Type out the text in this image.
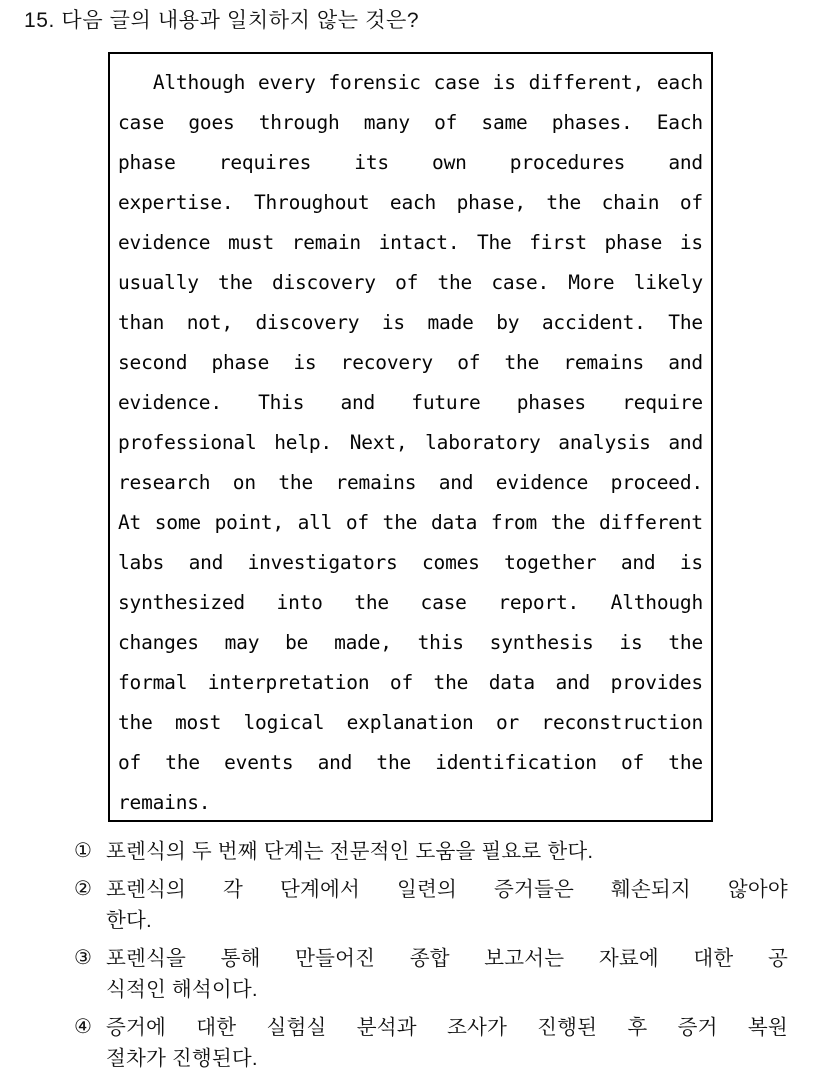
15. 다음 글의 내용과 일치하지 않는 것은?
Although every forensic case is different, each
case goes through many of same phases. Each
phase requires its own procedures and
expertise. Throughout each phase, the chain of
evidence must remain intact. The first phase is
usually the discovery of the case. More likely
than not, discovery is made by accident. The
second phase is recovery of the remains and
evidence. This and future phases require
professional help. Next, laboratory analysis and
research on the remains and evidence proceed.
At some point, all of the data from the different
labs and investigators comes together and is
synthesized into the case report. Although
changes may be made, this synthesis is the
formal interpretation of the data and provides
the most logical explanation or reconstruction
of the events and the identification of the
remains.
① 포렌식의 두 번째 단계는 전문적인 도움을 필요로 한다.
② 포렌식의 각 단계에서 일련의 증거들은 훼손되지 않아야
한다.
③ 포렌식을 통해 만들어진 종합 보고서는 자료에 대한 공
식적인 해석이다.
④ 증거에 대한 실험실 분석과 조사가 진행된 후 증거 복원
절차가 진행된다.
